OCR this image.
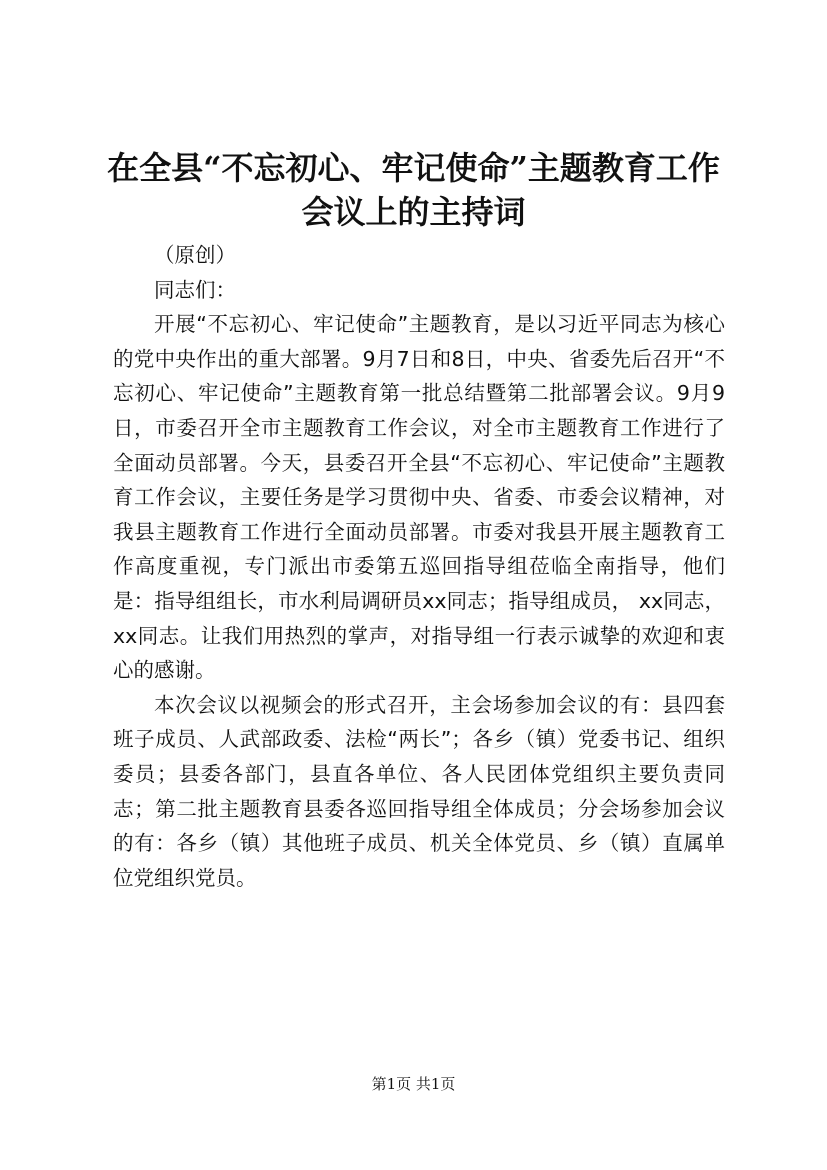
在全县“不忘初心、牢记使命”主题教育工作
会议上的主持词

（原创）

同志们：

开展“不忘初心、牢记使命”主题教育，是以习近平同志为核心的党中央作出的重大部署。9月7日和8日，中央、省委先后召开“不忘初心、牢记使命”主题教育第一批总结暨第二批部署会议。9月9日，市委召开全市主题教育工作会议，对全市主题教育工作进行了全面动员部署。今天，县委召开全县“不忘初心、牢记使命”主题教育工作会议，主要任务是学习贯彻中央、省委、市委会议精神，对我县主题教育工作进行全面动员部署。市委对我县开展主题教育工作高度重视，专门派出市委第五巡回指导组莅临全南指导，他们是：指导组组长，市水利局调研员xx同志；指导组成员， xx同志， xx同志。让我们用热烈的掌声，对指导组一行表示诚挚的欢迎和衷心的感谢。

本次会议以视频会的形式召开，主会场参加会议的有：县四套班子成员、人武部政委、法检“两长”；各乡（镇）党委书记、组织委员；县委各部门，县直各单位、各人民团体党组织主要负责同志；第二批主题教育县委各巡回指导组全体成员；分会场参加会议的有：各乡（镇）其他班子成员、机关全体党员、乡（镇）直属单位党组织党员。

第1页 共1页
